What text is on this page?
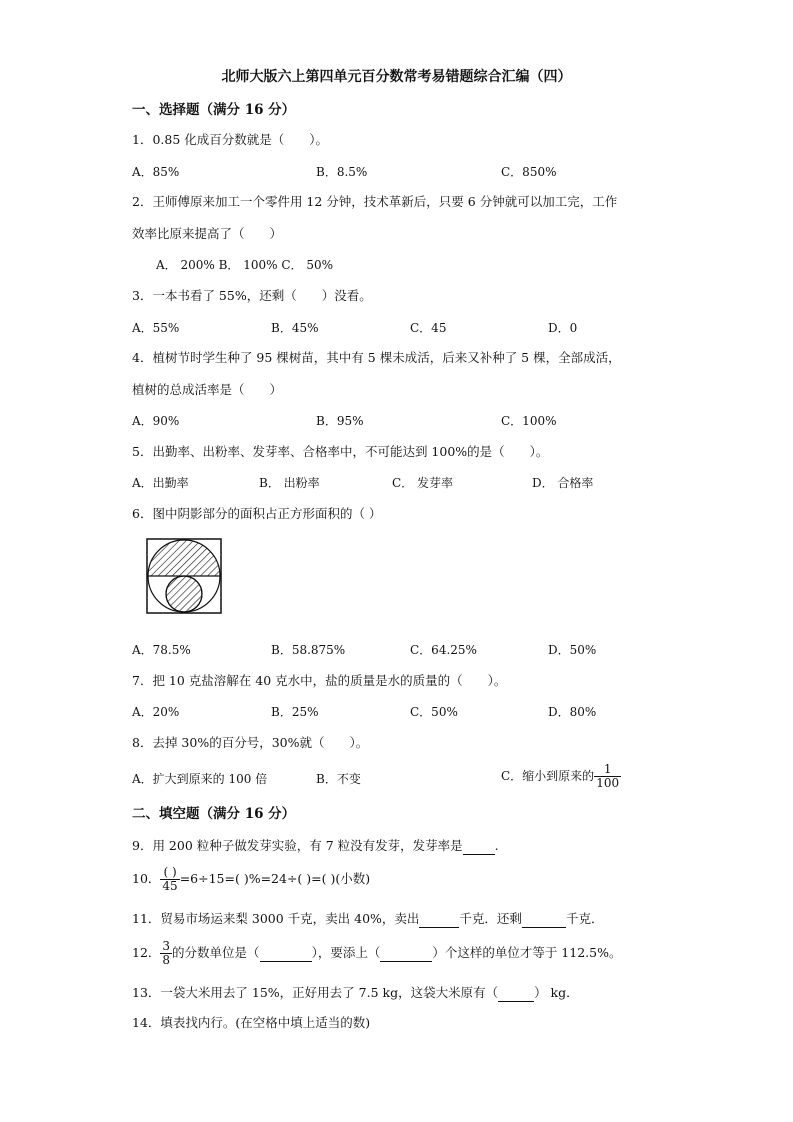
北师大版六上第四单元百分数常考易错题综合汇编（四）
一、选择题（满分 16 分）
1．0.85 化成百分数就是（　　）。
A．85%	B．8.5%	C．850%
2．王师傅原来加工一个零件用 12 分钟，技术革新后，只要 6 分钟就可以加工完，工作
效率比原来提高了（　　）
A． 200% B． 100% C． 50%
3．一本书看了 55%，还剩（　　）没看。
A．55%	B．45%	C．45	D．0
4．植树节时学生种了 95 棵树苗，其中有 5 棵未成活，后来又补种了 5 棵，全部成活，
植树的总成活率是（　　）
A．90%	B．95%	C．100%
5．出勤率、出粉率、发芽率、合格率中，不可能达到 100%的是（　　）。
A．出勤率	B． 出粉率	C． 发芽率	D． 合格率
6．图中阴影部分的面积占正方形面积的（ ）
A．78.5%	B．58.875%	C．64.25%	D．50%
7．把 10 克盐溶解在 40 克水中，盐的质量是水的质量的（　　）。
A．20%	B．25%	C．50%	D．80%
8．去掉 30%的百分号，30%就（　　）。
A．扩大到原来的 100 倍	B．不变	C．缩小到原来的 $\frac{1}{100}$
二、填空题（满分 16 分）
9．用 200 粒种子做发芽实验，有 7 粒没有发芽，发芽率是	.
10． $\frac{( )}{45} =6\div 15=$( )%=24÷( )=( )(小数)
11．贸易市场运来梨 3000 千克，卖出 40%，卖出	千克．还剩	千克．
12． $\frac{3}{8}$ 的分数单位是（	），要添上（	）个这样的单位才等于 112.5%。
13．一袋大米用去了 15%，正好用去了 7.5 kg，这袋大米原有（	） kg．
14．填表找内行。(在空格中填上适当的数)
